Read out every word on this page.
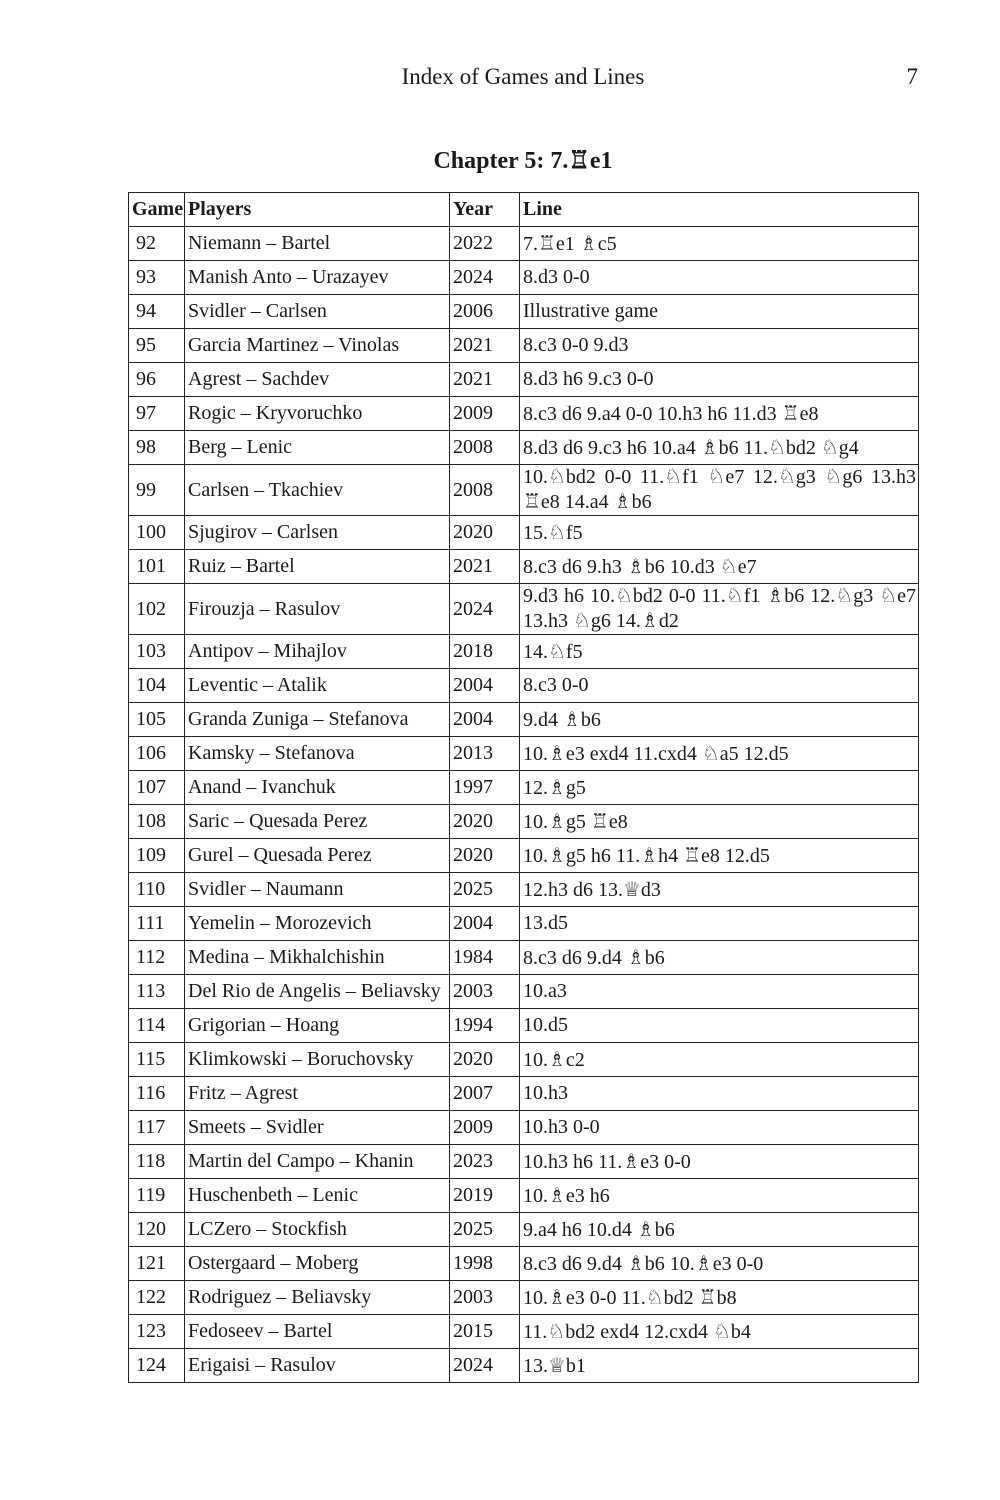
Index of Games and Lines	7
Chapter 5: 7.♖e1
Game	Players	Year	Line
92	Niemann – Bartel	2022	7.♖e1 ♗c5
93	Manish Anto – Urazayev	2024	8.d3 0-0
94	Svidler – Carlsen	2006	Illustrative game
95	Garcia Martinez – Vinolas	2021	8.c3 0-0 9.d3
96	Agrest – Sachdev	2021	8.d3 h6 9.c3 0-0
97	Rogic – Kryvoruchko	2009	8.c3 d6 9.a4 0-0 10.h3 h6 11.d3 ♖e8
98	Berg – Lenic	2008	8.d3 d6 9.c3 h6 10.a4 ♗b6 11.♘bd2 ♘g4
99	Carlsen – Tkachiev	2008	10.♘bd2 0-0 11.♘f1 ♘e7 12.♘g3 ♘g6 13.h3 ♖e8 14.a4 ♗b6
100	Sjugirov – Carlsen	2020	15.♘f5
101	Ruiz – Bartel	2021	8.c3 d6 9.h3 ♗b6 10.d3 ♘e7
102	Firouzja – Rasulov	2024	9.d3 h6 10.♘bd2 0-0 11.♘f1 ♗b6 12.♘g3 ♘e7 13.h3 ♘g6 14.♗d2
103	Antipov – Mihajlov	2018	14.♘f5
104	Leventic – Atalik	2004	8.c3 0-0
105	Granda Zuniga – Stefanova	2004	9.d4 ♗b6
106	Kamsky – Stefanova	2013	10.♗e3 exd4 11.cxd4 ♘a5 12.d5
107	Anand – Ivanchuk	1997	12.♗g5
108	Saric – Quesada Perez	2020	10.♗g5 ♖e8
109	Gurel – Quesada Perez	2020	10.♗g5 h6 11.♗h4 ♖e8 12.d5
110	Svidler – Naumann	2025	12.h3 d6 13.♕d3
111	Yemelin – Morozevich	2004	13.d5
112	Medina – Mikhalchishin	1984	8.c3 d6 9.d4 ♗b6
113	Del Rio de Angelis – Beliavsky	2003	10.a3
114	Grigorian – Hoang	1994	10.d5
115	Klimkowski – Boruchovsky	2020	10.♗c2
116	Fritz – Agrest	2007	10.h3
117	Smeets – Svidler	2009	10.h3 0-0
118	Martin del Campo – Khanin	2023	10.h3 h6 11.♗e3 0-0
119	Huschenbeth – Lenic	2019	10.♗e3 h6
120	LCZero – Stockfish	2025	9.a4 h6 10.d4 ♗b6
121	Ostergaard – Moberg	1998	8.c3 d6 9.d4 ♗b6 10.♗e3 0-0
122	Rodriguez – Beliavsky	2003	10.♗e3 0-0 11.♘bd2 ♖b8
123	Fedoseev – Bartel	2015	11.♘bd2 exd4 12.cxd4 ♘b4
124	Erigaisi – Rasulov	2024	13.♕b1
